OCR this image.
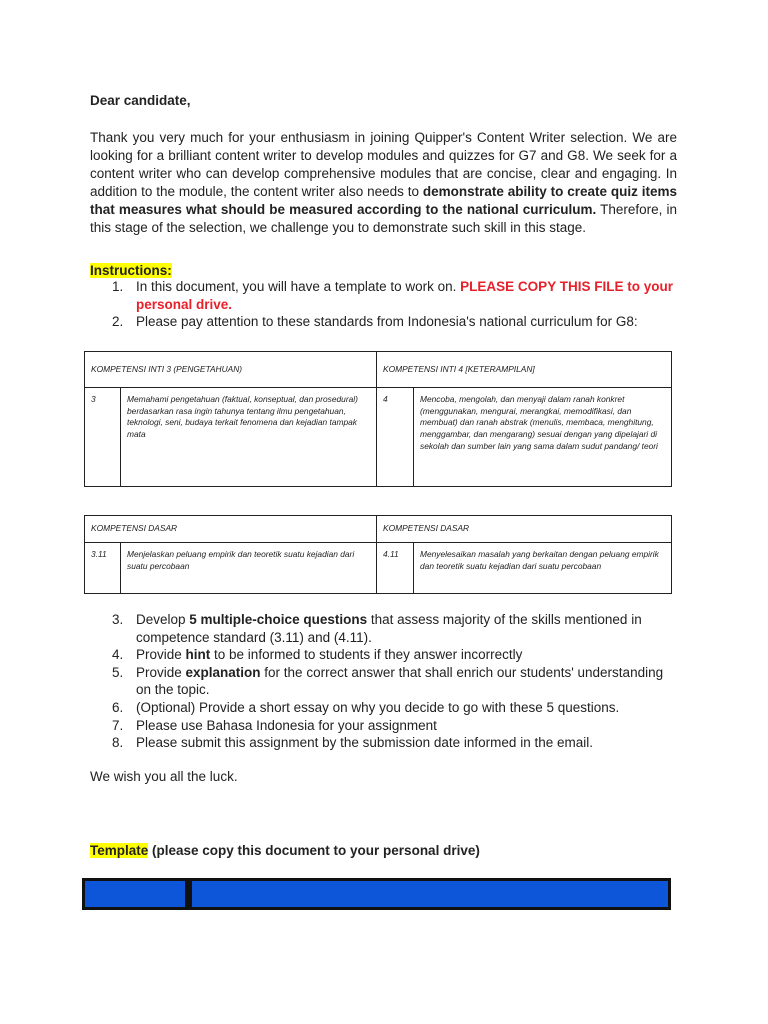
Dear candidate,

Thank you very much for your enthusiasm in joining Quipper's Content Writer selection. We are looking for a brilliant content writer to develop modules and quizzes for G7 and G8. We seek for a content writer who can develop comprehensive modules that are concise, clear and engaging. In addition to the module, the content writer also needs to demonstrate ability to create quiz items that measures what should be measured according to the national curriculum. Therefore, in this stage of the selection, we challenge you to demonstrate such skill in this stage.

Instructions:

1. In this document, you will have a template to work on. PLEASE COPY THIS FILE to your personal drive.
2. Please pay attention to these standards from Indonesia's national curriculum for G8:
KOMPETENSI INTI 3 (PENGETAHUAN)		KOMPETENSI INTI 4 [KETERAMPILAN]	
3	Memahami pengetahuan (faktual, konseptual, dan prosedural) berdasarkan rasa ingin tahunya tentang ilmu pengetahuan, teknologi, seni, budaya terkait fenomena dan kejadian tampak mata	4	Mencoba, mengolah, dan menyaji dalam ranah konkret (menggunakan, mengurai, merangkai, memodifikasi, dan membuat) dan ranah abstrak (menulis, membaca, menghitung, menggambar, dan mengarang) sesuai dengan yang dipelajari di sekolah dan sumber lain yang sama dalam sudut pandang/ teori
KOMPETENSI DASAR		KOMPETENSI DASAR	
3.11	Menjelaskan peluang empirik dan teoretik suatu kejadian dari suatu percobaan	4.11	Menyelesaikan masalah yang berkaitan dengan peluang empirik dan teoretik suatu kejadian dari suatu percobaan
3. Develop 5 multiple-choice questions that assess majority of the skills mentioned in competence standard (3.11) and (4.11).
4. Provide hint to be informed to students if they answer incorrectly
5. Provide explanation for the correct answer that shall enrich our students' understanding on the topic.
6. (Optional) Provide a short essay on why you decide to go with these 5 questions.
7. Please use Bahasa Indonesia for your assignment
8. Please submit this assignment by the submission date informed in the email.

We wish you all the luck.

Template (please copy this document to your personal drive)
